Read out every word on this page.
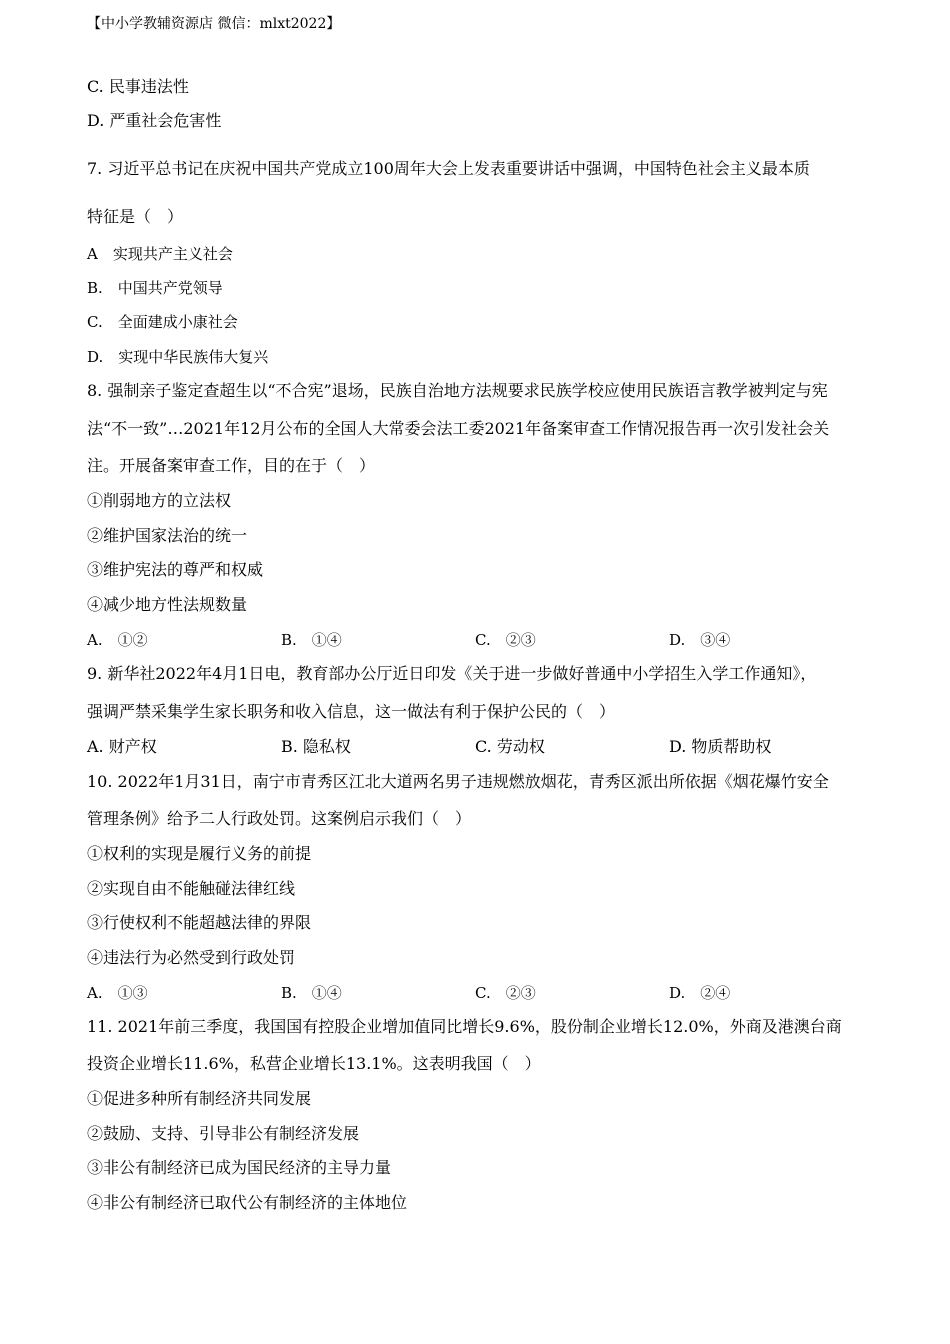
【中小学教辅资源店 微信：mlxt2022】
C. 民事违法性
D. 严重社会危害性
7. 习近平总书记在庆祝中国共产党成立100周年大会上发表重要讲话中强调，中国特色社会主义最本质
特征是（　）
A　实现共产主义社会
B.　中国共产党领导
C.　全面建成小康社会
D.　实现中华民族伟大复兴
8. 强制亲子鉴定查超生以“不合宪”退场，民族自治地方法规要求民族学校应使用民族语言教学被判定与宪
法“不一致”…2021年12月公布的全国人大常委会法工委2021年备案审查工作情况报告再一次引发社会关
注。开展备案审查工作，目的在于（　）
①削弱地方的立法权
②维护国家法治的统一
③维护宪法的尊严和权威
④减少地方性法规数量
9. 新华社2022年4月1日电，教育部办公厅近日印发《关于进一步做好普通中小学招生入学工作通知》，
强调严禁采集学生家长职务和收入信息，这一做法有利于保护公民的（　）
10. 2022年1月31日，南宁市青秀区江北大道两名男子违规燃放烟花，青秀区派出所依据《烟花爆竹安全
管理条例》给予二人行政处罚。这案例启示我们（　）
①权利的实现是履行义务的前提
②实现自由不能触碰法律红线
③行使权利不能超越法律的界限
④违法行为必然受到行政处罚
11. 2021年前三季度，我国国有控股企业增加值同比增长9.6%，股份制企业增长12.0%，外商及港澳台商
投资企业增长11.6%，私营企业增长13.1%。这表明我国（　）
①促进多种所有制经济共同发展
②鼓励、支持、引导非公有制经济发展
③非公有制经济已成为国民经济的主导力量
④非公有制经济已取代公有制经济的主体地位
A.　①②	B.　①④	C.　②③	D.　③④
A. 财产权	B. 隐私权	C. 劳动权	D. 物质帮助权
A.　①③	B.　①④	C.　②③	D.　②④
